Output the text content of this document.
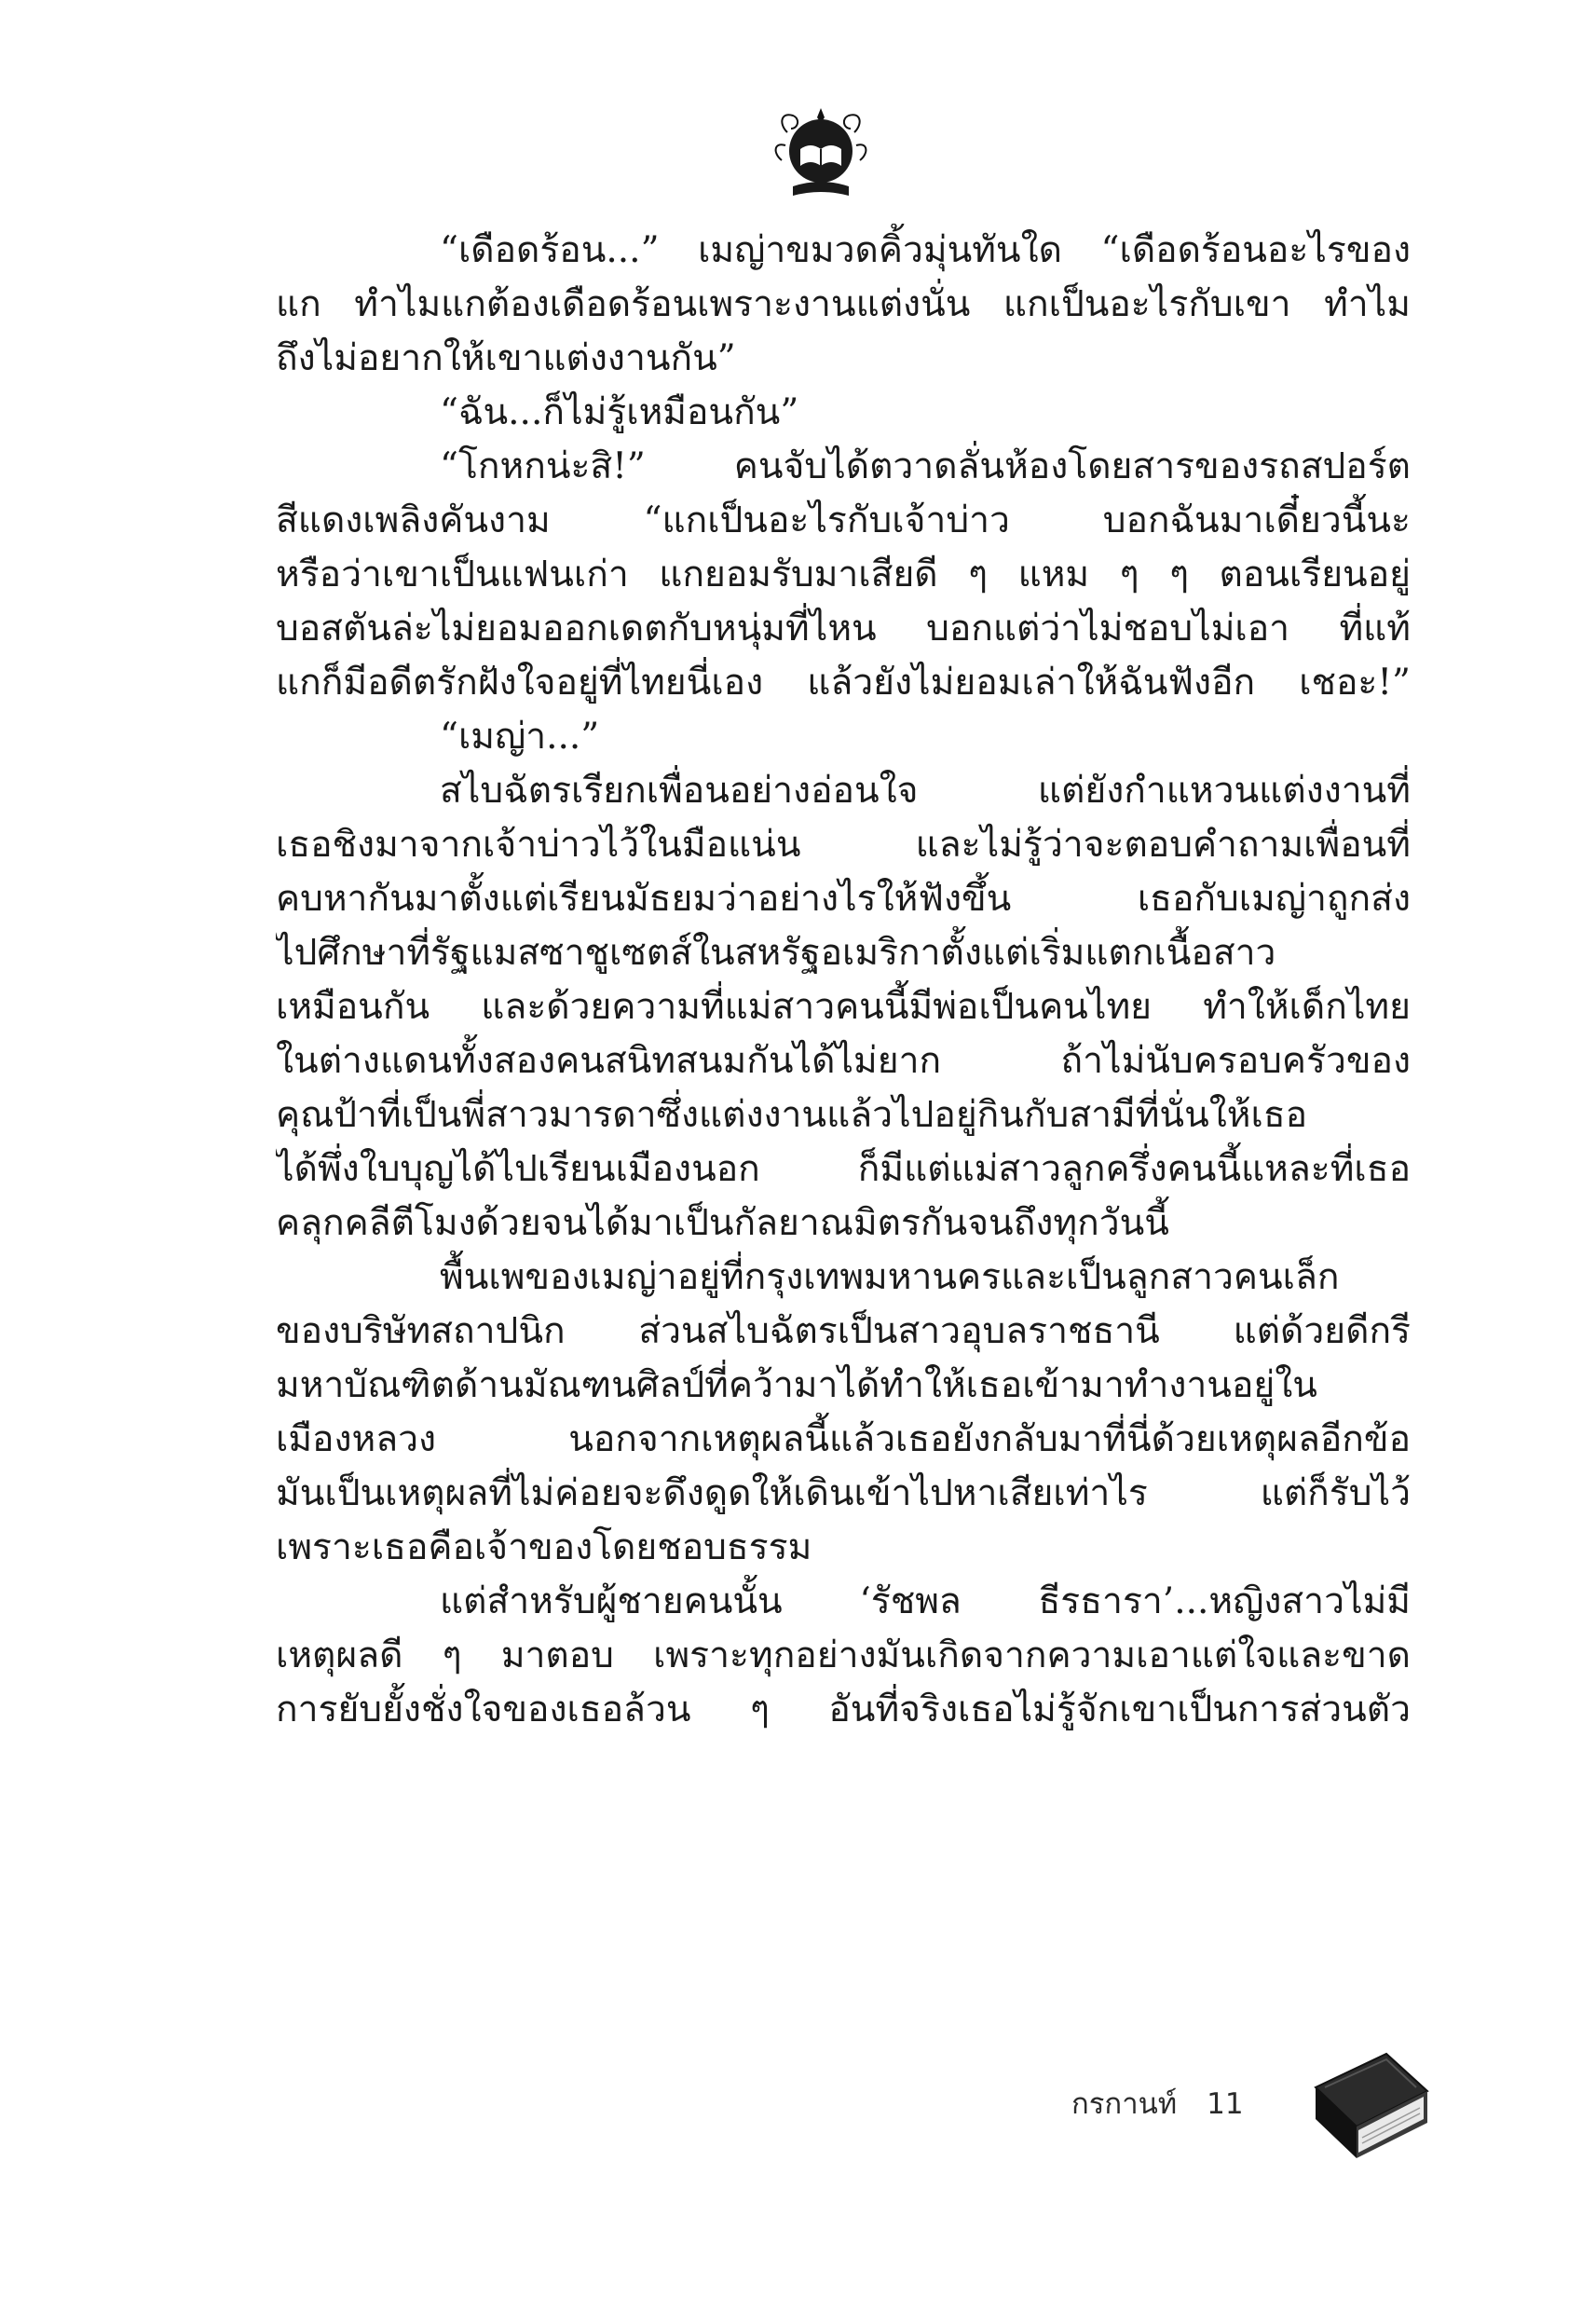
“เดือดร้อน...” เมญ่าขมวดคิ้วมุ่นทันใด “เดือดร้อนอะไรของ
แก ทำไมแกต้องเดือดร้อนเพราะงานแต่งนั่น แกเป็นอะไรกับเขา ทำไม
ถึงไม่อยากให้เขาแต่งงานกัน”
“ฉัน...ก็ไม่รู้เหมือนกัน”
“โกหกน่ะสิ!” คนจับได้ตวาดลั่นห้องโดยสารของรถสปอร์ต
สีแดงเพลิงคันงาม “แกเป็นอะไรกับเจ้าบ่าว บอกฉันมาเดี๋ยวนี้นะ
หรือว่าเขาเป็นแฟนเก่า แกยอมรับมาเสียดี ๆ แหม ๆ ๆ ตอนเรียนอยู่
บอสตันล่ะไม่ยอมออกเดตกับหนุ่มที่ไหน บอกแต่ว่าไม่ชอบไม่เอา ที่แท้
แกก็มีอดีตรักฝังใจอยู่ที่ไทยนี่เอง แล้วยังไม่ยอมเล่าให้ฉันฟังอีก เชอะ!”
“เมญ่า...”
สไบฉัตรเรียกเพื่อนอย่างอ่อนใจ แต่ยังกำแหวนแต่งงานที่
เธอชิงมาจากเจ้าบ่าวไว้ในมือแน่น และไม่รู้ว่าจะตอบคำถามเพื่อนที่
คบหากันมาตั้งแต่เรียนมัธยมว่าอย่างไรให้ฟังขึ้น เธอกับเมญ่าถูกส่ง
ไปศึกษาที่รัฐแมสซาชูเซตส์ในสหรัฐอเมริกาตั้งแต่เริ่มแตกเนื้อสาว
เหมือนกัน และด้วยความที่แม่สาวคนนี้มีพ่อเป็นคนไทย ทำให้เด็กไทย
ในต่างแดนทั้งสองคนสนิทสนมกันได้ไม่ยาก ถ้าไม่นับครอบครัวของ
คุณป้าที่เป็นพี่สาวมารดาซึ่งแต่งงานแล้วไปอยู่กินกับสามีที่นั่นให้เธอ
ได้พึ่งใบบุญได้ไปเรียนเมืองนอก ก็มีแต่แม่สาวลูกครึ่งคนนี้แหละที่เธอ
คลุกคลีตีโมงด้วยจนได้มาเป็นกัลยาณมิตรกันจนถึงทุกวันนี้
พื้นเพของเมญ่าอยู่ที่กรุงเทพมหานครและเป็นลูกสาวคนเล็ก
ของบริษัทสถาปนิก ส่วนสไบฉัตรเป็นสาวอุบลราชธานี แต่ด้วยดีกรี
มหาบัณฑิตด้านมัณฑนศิลป์ที่คว้ามาได้ทำให้เธอเข้ามาทำงานอยู่ใน
เมืองหลวง นอกจากเหตุผลนี้แล้วเธอยังกลับมาที่นี่ด้วยเหตุผลอีกข้อ
มันเป็นเหตุผลที่ไม่ค่อยจะดึงดูดให้เดินเข้าไปหาเสียเท่าไร แต่ก็รับไว้
เพราะเธอคือเจ้าของโดยชอบธรรม
แต่สำหรับผู้ชายคนนั้น ‘รัชพล ธีรธารา’...หญิงสาวไม่มี
เหตุผลดี ๆ มาตอบ เพราะทุกอย่างมันเกิดจากความเอาแต่ใจและขาด
การยับยั้งชั่งใจของเธอล้วน ๆ อันที่จริงเธอไม่รู้จักเขาเป็นการส่วนตัว
กรกานท์ 11
